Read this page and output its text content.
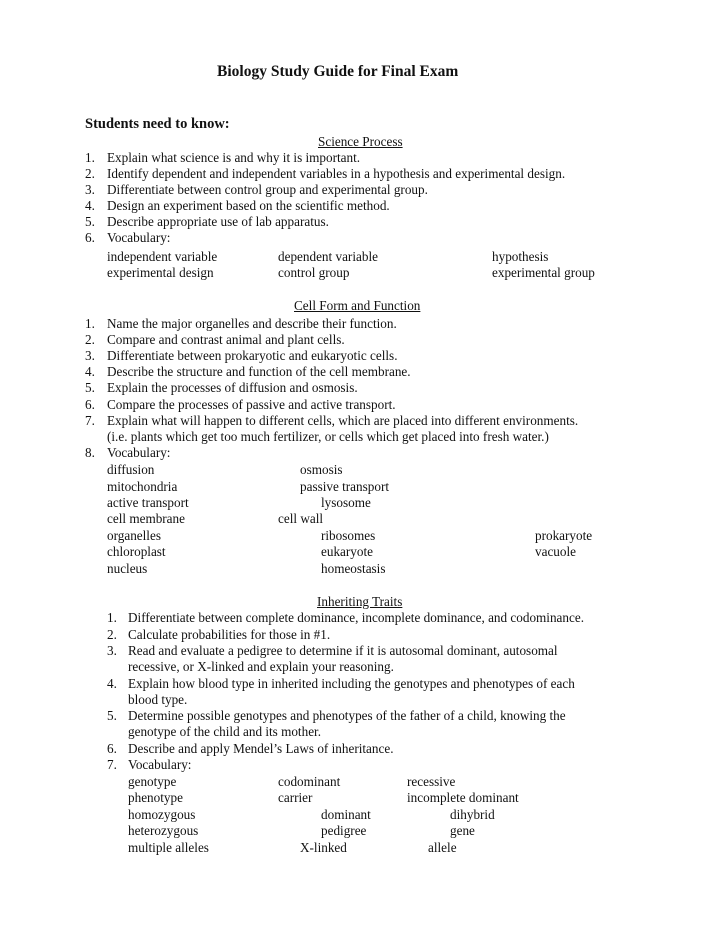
Biology Study Guide for Final Exam
Students need to know:
Science Process
1. Explain what science is and why it is important.
2. Identify dependent and independent variables in a hypothesis and experimental design.
3. Differentiate between control group and experimental group.
4. Design an experiment based on the scientific method.
5. Describe appropriate use of lab apparatus.
6. Vocabulary:
independent variable	dependent variable	hypothesis
experimental design	control group	experimental group
Cell Form and Function
1. Name the major organelles and describe their function.
2. Compare and contrast animal and plant cells.
3. Differentiate between prokaryotic and eukaryotic cells.
4. Describe the structure and function of the cell membrane.
5. Explain the processes of diffusion and osmosis.
6. Compare the processes of passive and active transport.
7. Explain what will happen to different cells, which are placed into different environments.
(i.e. plants which get too much fertilizer, or cells which get placed into fresh water.)
8. Vocabulary:
diffusion	osmosis
mitochondria	passive transport
active transport	lysosome
cell membrane	cell wall
organelles	ribosomes	prokaryote
chloroplast	eukaryote	vacuole
nucleus	homeostasis
Inheriting Traits
1. Differentiate between complete dominance, incomplete dominance, and codominance.
2. Calculate probabilities for those in #1.
3. Read and evaluate a pedigree to determine if it is autosomal dominant, autosomal
recessive, or X-linked and explain your reasoning.
4. Explain how blood type in inherited including the genotypes and phenotypes of each
blood type.
5. Determine possible genotypes and phenotypes of the father of a child, knowing the
genotype of the child and its mother.
6. Describe and apply Mendel’s Laws of inheritance.
7. Vocabulary:
genotype	codominant	recessive
phenotype	carrier	incomplete dominant
homozygous	dominant	dihybrid
heterozygous	pedigree	gene
multiple alleles	X-linked	allele
